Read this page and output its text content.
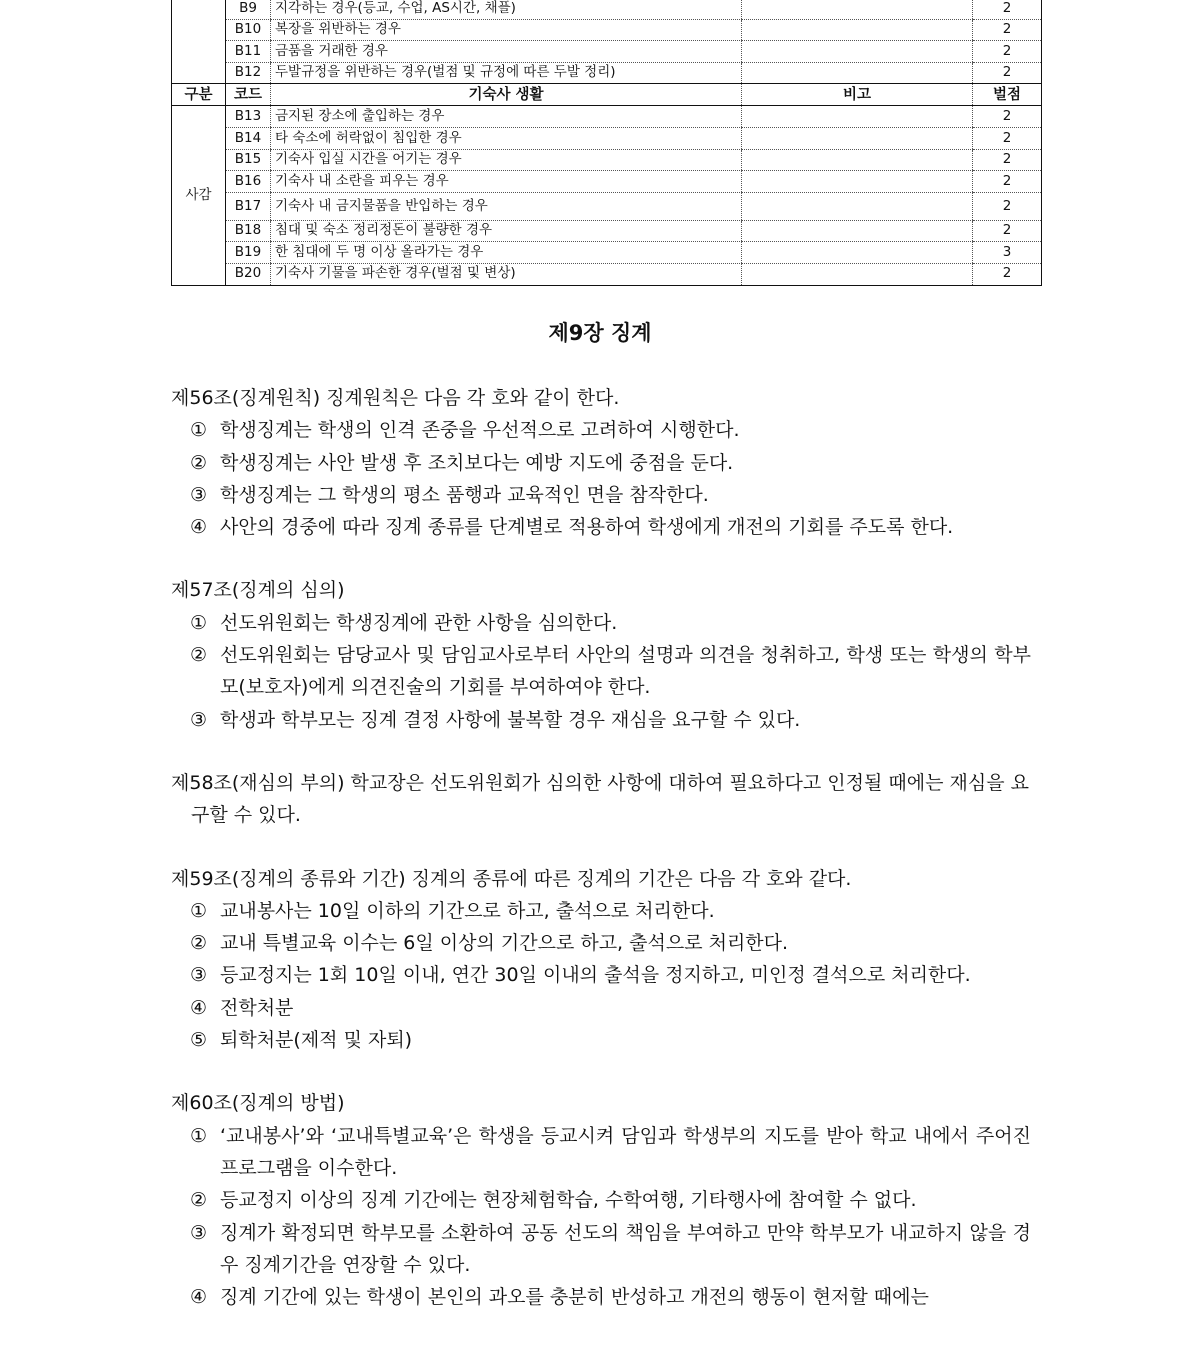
	B9	지각하는 경우(등교, 수업, AS시간, 채플)		2
	B10	복장을 위반하는 경우		2
	B11	금품을 거래한 경우		2
	B12	두발규정을 위반하는 경우(벌점 및 규정에 따른 두발 정리)		2
구분	코드	기숙사 생활	비고	벌점
사감	B13	금지된 장소에 출입하는 경우		2
	B14	타 숙소에 허락없이 침입한 경우		2
	B15	기숙사 입실 시간을 어기는 경우		2
	B16	기숙사 내 소란을 피우는 경우		2
	B17	기숙사 내 금지물품을 반입하는 경우		2
	B18	침대 및 숙소 정리정돈이 불량한 경우		2
	B19	한 침대에 두 명 이상 올라가는 경우		3
	B20	기숙사 기물을 파손한 경우(벌점 및 변상)		2
제9장 징계

제56조(징계원칙) 징계원칙은 다음 각 호와 같이 한다.

① 학생징계는 학생의 인격 존중을 우선적으로 고려하여 시행한다.
② 학생징계는 사안 발생 후 조치보다는 예방 지도에 중점을 둔다.
③ 학생징계는 그 학생의 평소 품행과 교육적인 면을 참작한다.
④ 사안의 경중에 따라 징계 종류를 단계별로 적용하여 학생에게 개전의 기회를 주도록 한다.

제57조(징계의 심의)

① 선도위원회는 학생징계에 관한 사항을 심의한다.
② 선도위원회는 담당교사 및 담임교사로부터 사안의 설명과 의견을 청취하고, 학생 또는 학생의 학부모(보호자)에게 의견진술의 기회를 부여하여야 한다.
③ 학생과 학부모는 징계 결정 사항에 불복할 경우 재심을 요구할 수 있다.

제58조(재심의 부의) 학교장은 선도위원회가 심의한 사항에 대하여 필요하다고 인정될 때에는 재심을 요구할 수 있다.

제59조(징계의 종류와 기간) 징계의 종류에 따른 징계의 기간은 다음 각 호와 같다.

① 교내봉사는 10일 이하의 기간으로 하고, 출석으로 처리한다.
② 교내 특별교육 이수는 6일 이상의 기간으로 하고, 출석으로 처리한다.
③ 등교정지는 1회 10일 이내, 연간 30일 이내의 출석을 정지하고, 미인정 결석으로 처리한다.
④ 전학처분
⑤ 퇴학처분(제적 및 자퇴)

제60조(징계의 방법)

① ‘교내봉사’와 ‘교내특별교육’은 학생을 등교시켜 담임과 학생부의 지도를 받아 학교 내에서 주어진 프로그램을 이수한다.
② 등교정지 이상의 징계 기간에는 현장체험학습, 수학여행, 기타행사에 참여할 수 없다.
③ 징계가 확정되면 학부모를 소환하여 공동 선도의 책임을 부여하고 만약 학부모가 내교하지 않을 경우 징계기간을 연장할 수 있다.
④ 징계 기간에 있는 학생이 본인의 과오를 충분히 반성하고 개전의 행동이 현저할 때에는
